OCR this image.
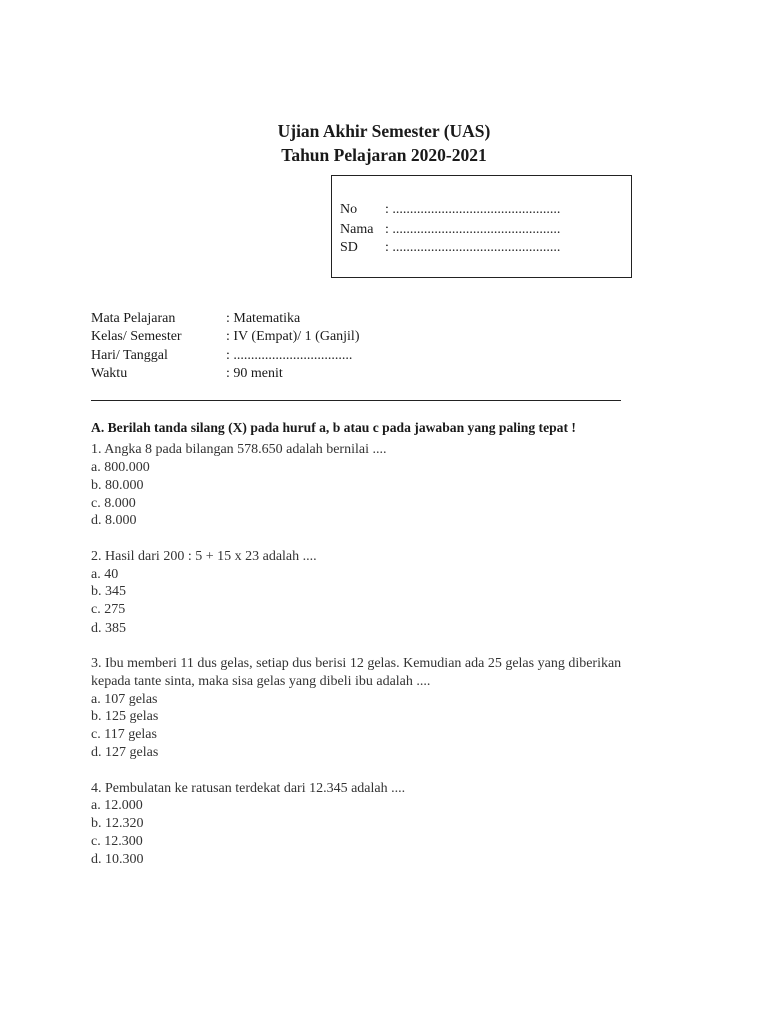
Ujian Akhir Semester (UAS)
Tahun Pelajaran 2020-2021
No : ................................................
Nama : ................................................
SD : ................................................
Mata Pelajaran	: Matematika
Kelas/ Semester	: IV (Empat)/ 1 (Ganjil)
Hari/ Tanggal	: ..................................
Waktu	: 90 menit
A. Berilah tanda silang (X) pada huruf a, b atau c pada jawaban yang paling tepat !
1. Angka 8 pada bilangan 578.650 adalah bernilai ....
a. 800.000
b. 80.000
c. 8.000
d. 8.000
2. Hasil dari 200 : 5 + 15 x 23 adalah ....
a. 40
b. 345
c. 275
d. 385
3. Ibu memberi 11 dus gelas, setiap dus berisi 12 gelas. Kemudian ada 25 gelas yang diberikan
kepada tante sinta, maka sisa gelas yang dibeli ibu adalah ....
a. 107 gelas
b. 125 gelas
c. 117 gelas
d. 127 gelas
4. Pembulatan ke ratusan terdekat dari 12.345 adalah ....
a. 12.000
b. 12.320
c. 12.300
d. 10.300
